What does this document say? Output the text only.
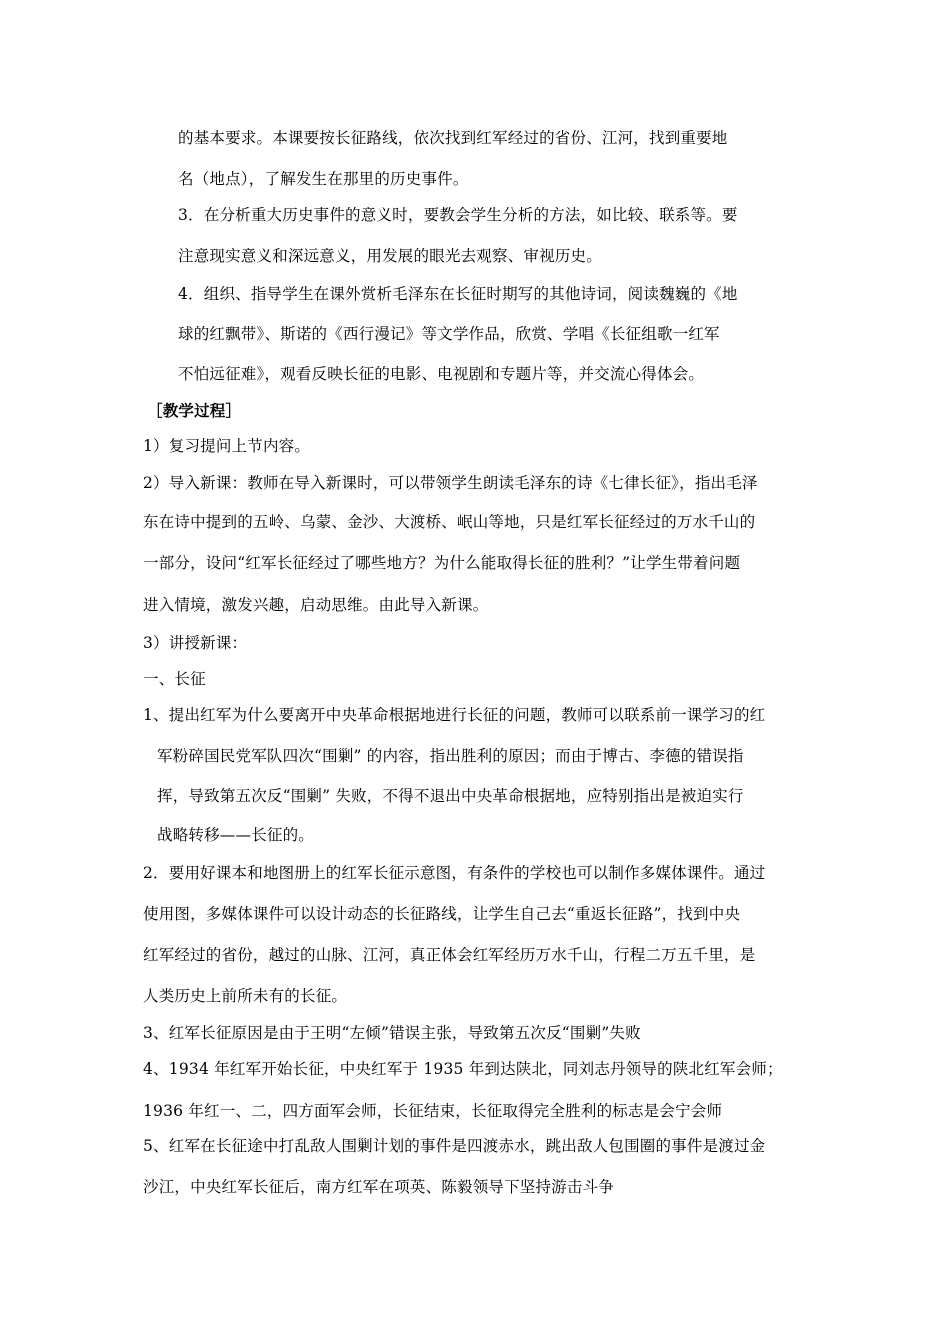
的基本要求。本课要按长征路线，依次找到红军经过的省份、江河，找到重要地
名（地点），了解发生在那里的历史事件。
3．在分析重大历史事件的意义时，要教会学生分析的方法，如比较、联系等。要
注意现实意义和深远意义，用发展的眼光去观察、审视历史。
4．组织、指导学生在课外赏析毛泽东在长征时期写的其他诗词，阅读魏巍的《地
球的红飘带》、斯诺的《西行漫记》等文学作品，欣赏、学唱《长征组歌一红军
不怕远征难》，观看反映长征的电影、电视剧和专题片等，并交流心得体会。
［教学过程］
1）复习提问上节内容。
2）导入新课：教师在导入新课时，可以带领学生朗读毛泽东的诗《七律长征》，指出毛泽
东在诗中提到的五岭、乌蒙、金沙、大渡桥、岷山等地，只是红军长征经过的万水千山的
一部分，设问“红军长征经过了哪些地方？为什么能取得长征的胜利？”让学生带着问题
进入情境，激发兴趣，启动思维。由此导入新课。
3）讲授新课：
一、长征
1、提出红军为什么要离开中央革命根据地进行长征的问题，教师可以联系前一课学习的红
军粉碎国民党军队四次“围剿” 的内容，指出胜利的原因；而由于博古、李德的错误指
挥，导致第五次反“围剿” 失败，不得不退出中央革命根据地，应特别指出是被迫实行
战略转移——长征的。
2．要用好课本和地图册上的红军长征示意图，有条件的学校也可以制作多媒体课件。通过
使用图，多媒体课件可以设计动态的长征路线，让学生自己去“重返长征路”，找到中央
红军经过的省份，越过的山脉、江河，真正体会红军经历万水千山，行程二万五千里，是
人类历史上前所未有的长征。
3、红军长征原因是由于王明“左倾”错误主张，导致第五次反“围剿”失败
4、1934 年红军开始长征，中央红军于 1935 年到达陕北，同刘志丹领导的陕北红军会师；
1936 年红一、二，四方面军会师，长征结束，长征取得完全胜利的标志是会宁会师
5、红军在长征途中打乱敌人围剿计划的事件是四渡赤水，跳出敌人包围圈的事件是渡过金
沙江，中央红军长征后，南方红军在项英、陈毅领导下坚持游击斗争
